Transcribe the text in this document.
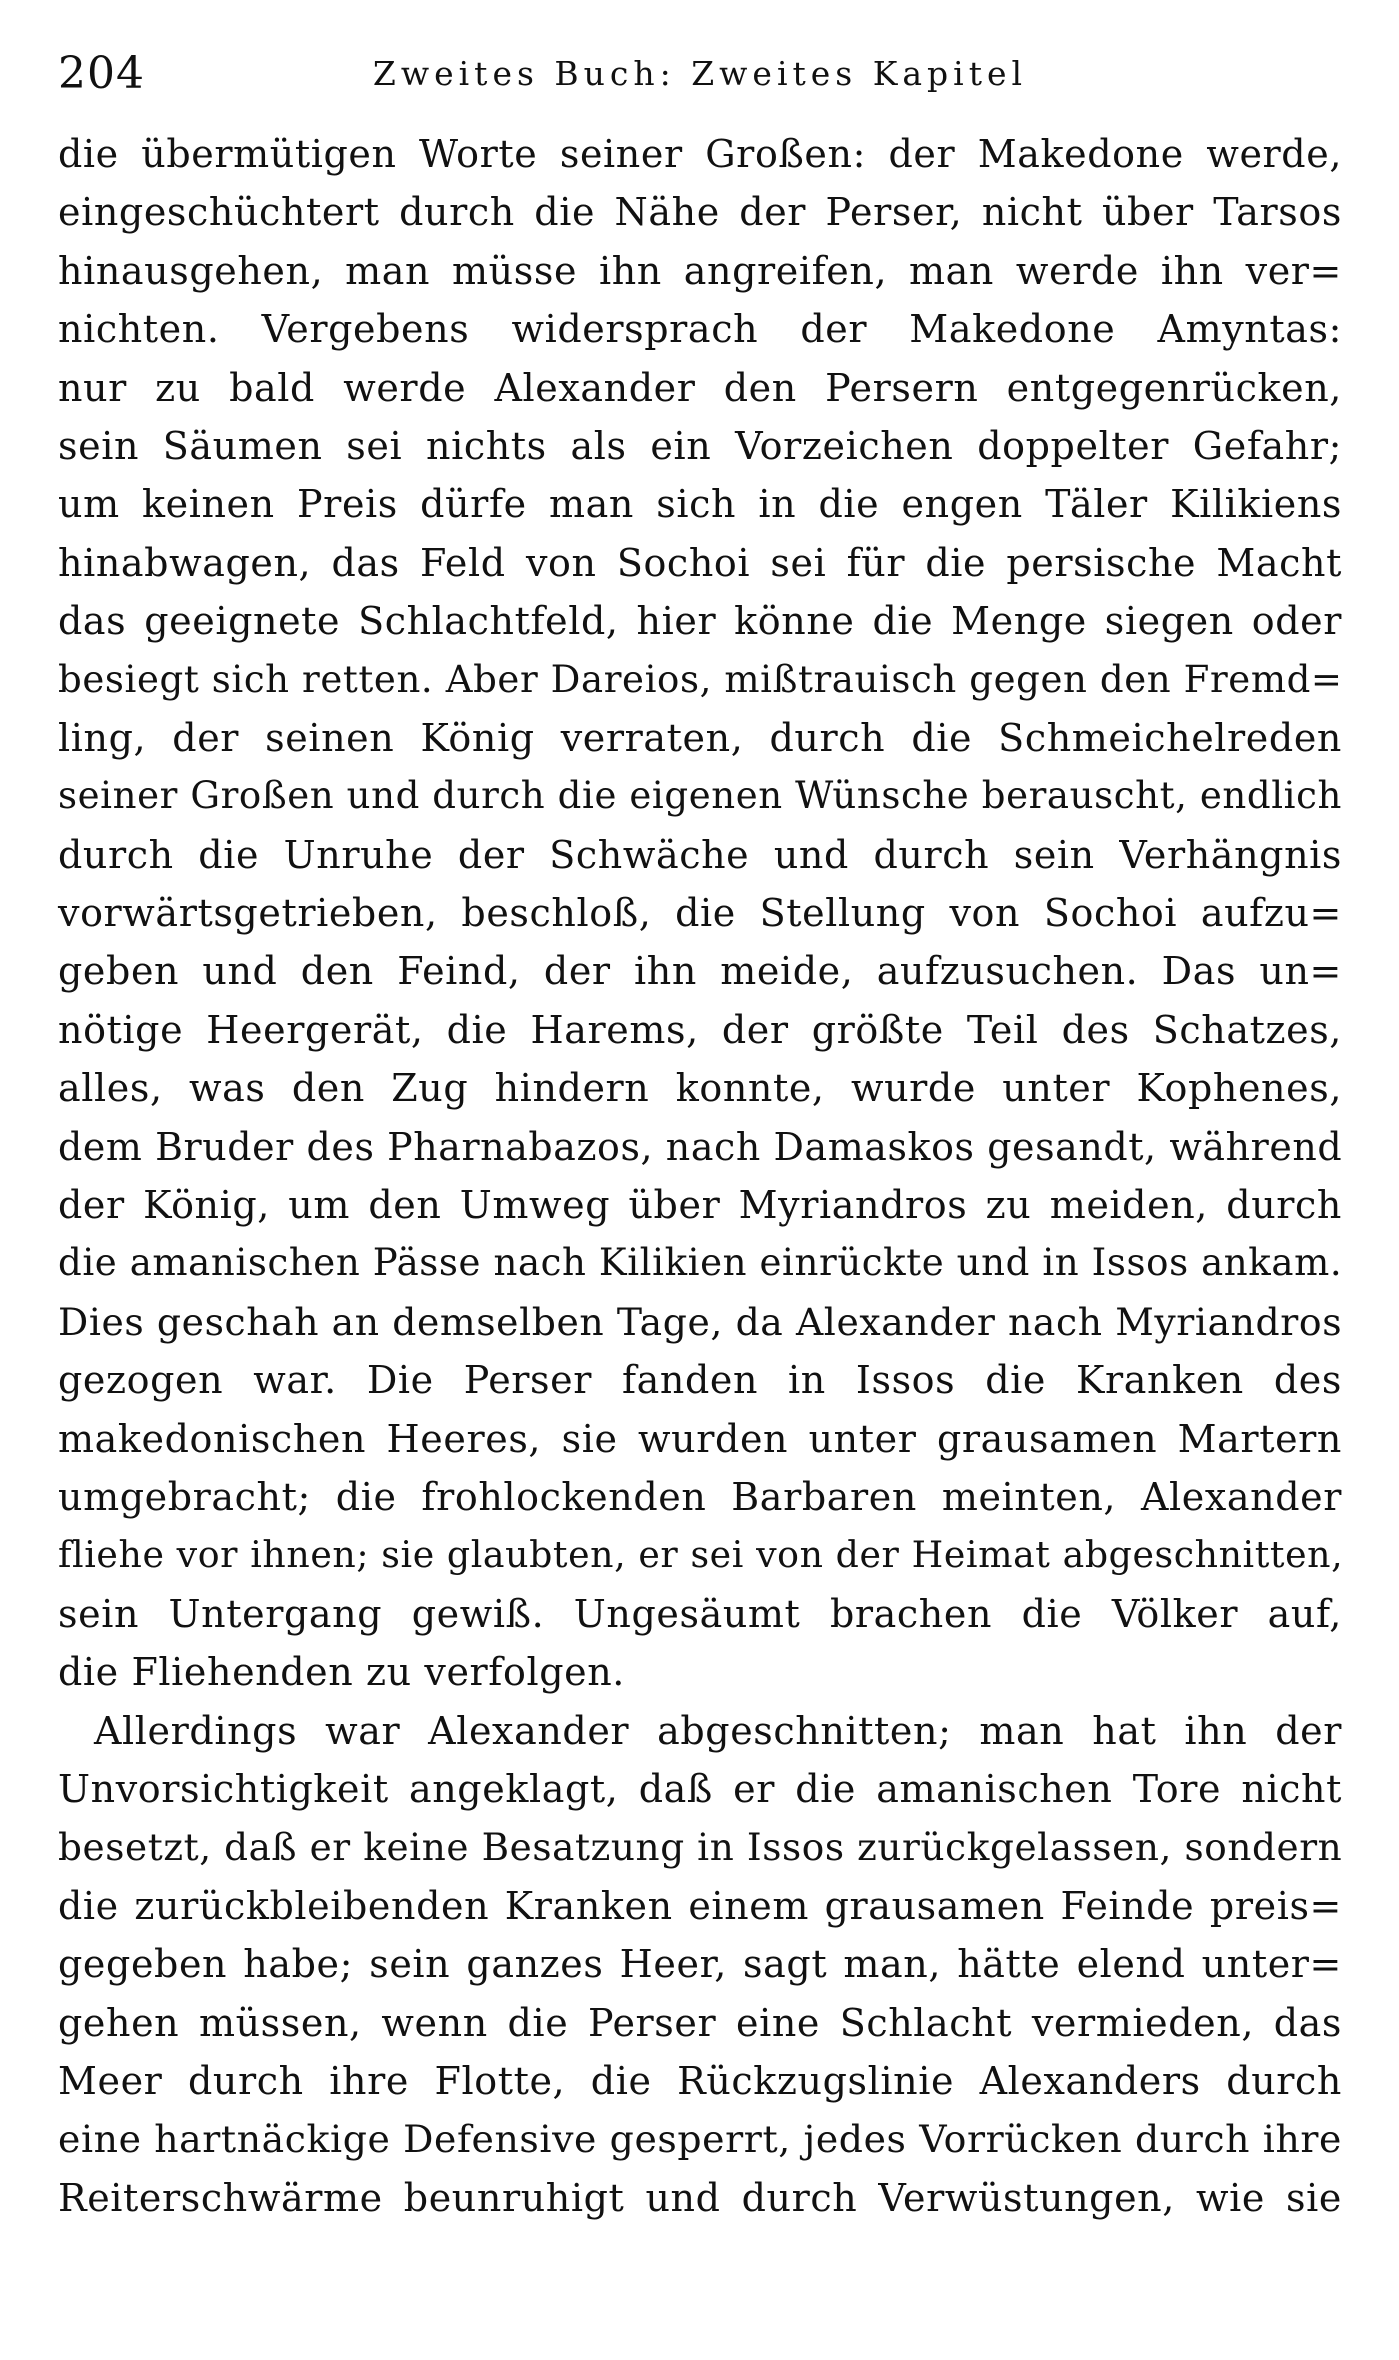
204	Zweites Buch: Zweites Kapitel
die übermütigen Worte seiner Großen: der Makedone werde,
eingeschüchtert durch die Nähe der Perser, nicht über Tarsos
hinausgehen, man müsse ihn angreifen, man werde ihn ver=
nichten. Vergebens widersprach der Makedone Amyntas:
nur zu bald werde Alexander den Persern entgegenrücken,
sein Säumen sei nichts als ein Vorzeichen doppelter Gefahr;
um keinen Preis dürfe man sich in die engen Täler Kilikiens
hinabwagen, das Feld von Sochoi sei für die persische Macht
das geeignete Schlachtfeld, hier könne die Menge siegen oder
besiegt sich retten. Aber Dareios, mißtrauisch gegen den Fremd=
ling, der seinen König verraten, durch die Schmeichelreden
seiner Großen und durch die eigenen Wünsche berauscht, endlich
durch die Unruhe der Schwäche und durch sein Verhängnis
vorwärtsgetrieben, beschloß, die Stellung von Sochoi aufzu=
geben und den Feind, der ihn meide, aufzusuchen. Das un=
nötige Heergerät, die Harems, der größte Teil des Schatzes,
alles, was den Zug hindern konnte, wurde unter Kophenes,
dem Bruder des Pharnabazos, nach Damaskos gesandt, während
der König, um den Umweg über Myriandros zu meiden, durch
die amanischen Pässe nach Kilikien einrückte und in Issos ankam.
Dies geschah an demselben Tage, da Alexander nach Myriandros
gezogen war. Die Perser fanden in Issos die Kranken des
makedonischen Heeres, sie wurden unter grausamen Martern
umgebracht; die frohlockenden Barbaren meinten, Alexander
fliehe vor ihnen; sie glaubten, er sei von der Heimat abgeschnitten,
sein Untergang gewiß. Ungesäumt brachen die Völker auf,
die Fliehenden zu verfolgen.
Allerdings war Alexander abgeschnitten; man hat ihn der
Unvorsichtigkeit angeklagt, daß er die amanischen Tore nicht
besetzt, daß er keine Besatzung in Issos zurückgelassen, sondern
die zurückbleibenden Kranken einem grausamen Feinde preis=
gegeben habe; sein ganzes Heer, sagt man, hätte elend unter=
gehen müssen, wenn die Perser eine Schlacht vermieden, das
Meer durch ihre Flotte, die Rückzugslinie Alexanders durch
eine hartnäckige Defensive gesperrt, jedes Vorrücken durch ihre
Reiterschwärme beunruhigt und durch Verwüstungen, wie sie
